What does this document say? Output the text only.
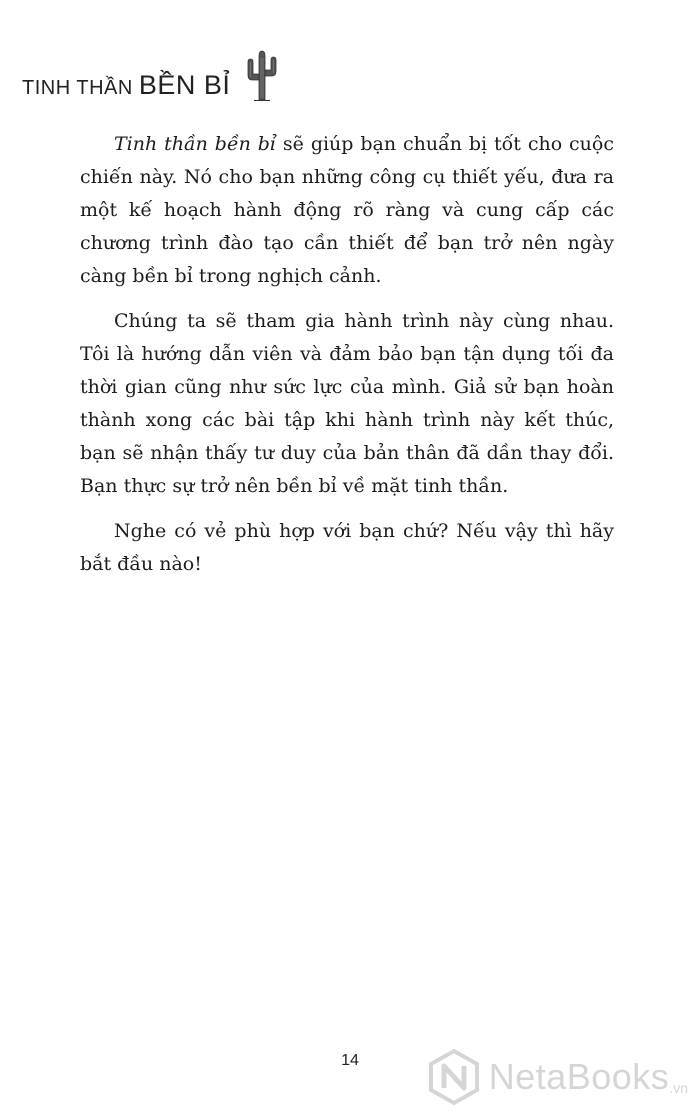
TINH THẦN BỀN BỈ

Tinh thần bền bỉ sẽ giúp bạn chuẩn bị tốt cho cuộc chiến này. Nó cho bạn những công cụ thiết yếu, đưa ra một kế hoạch hành động rõ ràng và cung cấp các chương trình đào tạo cần thiết để bạn trở nên ngày càng bền bỉ trong nghịch cảnh.

Chúng ta sẽ tham gia hành trình này cùng nhau. Tôi là hướng dẫn viên và đảm bảo bạn tận dụng tối đa thời gian cũng như sức lực của mình. Giả sử bạn hoàn thành xong các bài tập khi hành trình này kết thúc, bạn sẽ nhận thấy tư duy của bản thân đã dần thay đổi. Bạn thực sự trở nên bền bỉ về mặt tinh thần.

Nghe có vẻ phù hợp với bạn chứ? Nếu vậy thì hãy bắt đầu nào!

14	NetaBooks .vn
